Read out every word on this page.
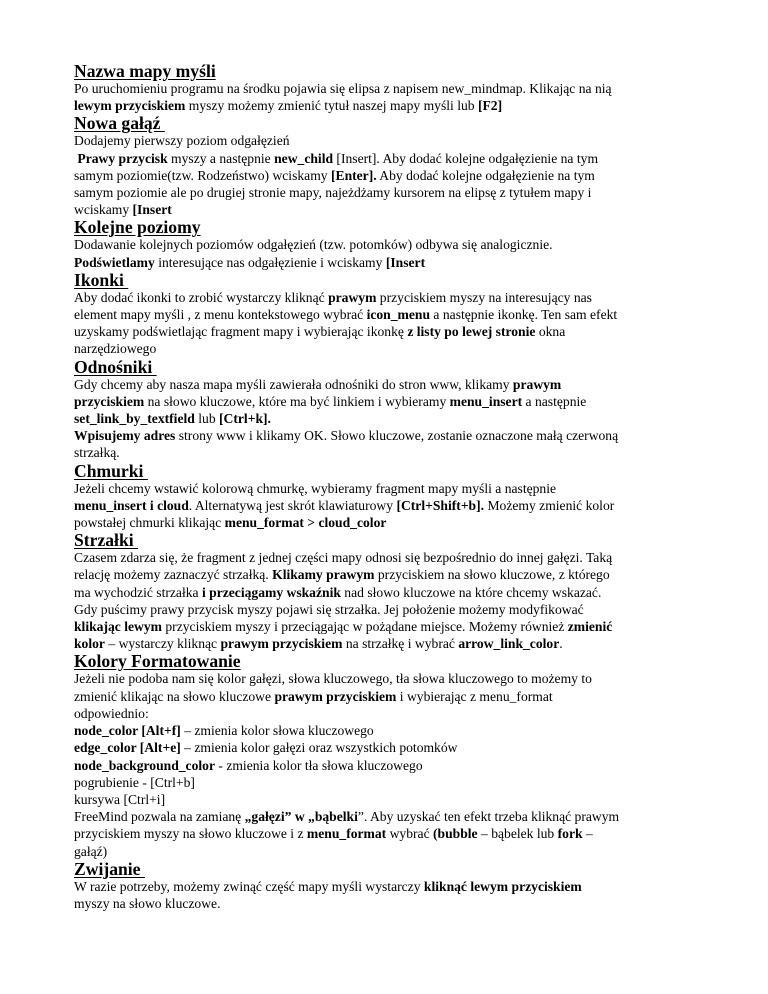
Nazwa mapy myśli
Po uruchomieniu programu na środku pojawia się elipsa z napisem new_mindmap. Klikając na nią
lewym przyciskiem myszy możemy zmienić tytuł naszej mapy myśli lub [F2]
Nowa gałąź
Dodajemy pierwszy poziom odgałęzień
Prawy przycisk myszy a następnie new_child [Insert]. Aby dodać kolejne odgałęzienie na tym
samym poziomie(tzw. Rodzeństwo) wciskamy [Enter]. Aby dodać kolejne odgałęzienie na tym
samym poziomie ale po drugiej stronie mapy, najeżdżamy kursorem na elipsę z tytułem mapy i
wciskamy [Insert
Kolejne poziomy
Dodawanie kolejnych poziomów odgałęzień (tzw. potomków) odbywa się analogicznie.
Podświetlamy interesujące nas odgałęzienie i wciskamy [Insert
Ikonki
Aby dodać ikonki to zrobić wystarczy kliknąć prawym przyciskiem myszy na interesujący nas
element mapy myśli , z menu kontekstowego wybrać icon_menu a następnie ikonkę. Ten sam efekt
uzyskamy podświetlając fragment mapy i wybierając ikonkę z listy po lewej stronie okna
narzędziowego
Odnośniki
Gdy chcemy aby nasza mapa myśli zawierała odnośniki do stron www, klikamy prawym
przyciskiem na słowo kluczowe, które ma być linkiem i wybieramy menu_insert a następnie
set_link_by_textfield lub [Ctrl+k].
Wpisujemy adres strony www i klikamy OK. Słowo kluczowe, zostanie oznaczone małą czerwoną
strzałką.
Chmurki
Jeżeli chcemy wstawić kolorową chmurkę, wybieramy fragment mapy myśli a następnie
menu_insert i cloud. Alternatywą jest skrót klawiaturowy [Ctrl+Shift+b]. Możemy zmienić kolor
powstałej chmurki klikając menu_format > cloud_color
Strzałki
Czasem zdarza się, że fragment z jednej części mapy odnosi się bezpośrednio do innej gałęzi. Taką
relację możemy zaznaczyć strzałką. Klikamy prawym przyciskiem na słowo kluczowe, z którego
ma wychodzić strzałka i przeciągamy wskaźnik nad słowo kluczowe na które chcemy wskazać.
Gdy puścimy prawy przycisk myszy pojawi się strzałka. Jej położenie możemy modyfikować
klikając lewym przyciskiem myszy i przeciągając w pożądane miejsce. Możemy również zmienić
kolor – wystarczy kliknąc prawym przyciskiem na strzałkę i wybrać arrow_link_color.
Kolory Formatowanie
Jeżeli nie podoba nam się kolor gałęzi, słowa kluczowego, tła słowa kluczowego to możemy to
zmienić klikając na słowo kluczowe prawym przyciskiem i wybierając z menu_format
odpowiednio:
node_color [Alt+f] – zmienia kolor słowa kluczowego
edge_color [Alt+e] – zmienia kolor gałęzi oraz wszystkich potomków
node_background_color - zmienia kolor tła słowa kluczowego
pogrubienie - [Ctrl+b]
kursywa [Ctrl+i]
FreeMind pozwala na zamianę „gałęzi” w „bąbelki”. Aby uzyskać ten efekt trzeba kliknąć prawym
przyciskiem myszy na słowo kluczowe i z menu_format wybrać (bubble – bąbelek lub fork –
gałąź)
Zwijanie
W razie potrzeby, możemy zwinąć część mapy myśli wystarczy kliknąć lewym przyciskiem
myszy na słowo kluczowe.
